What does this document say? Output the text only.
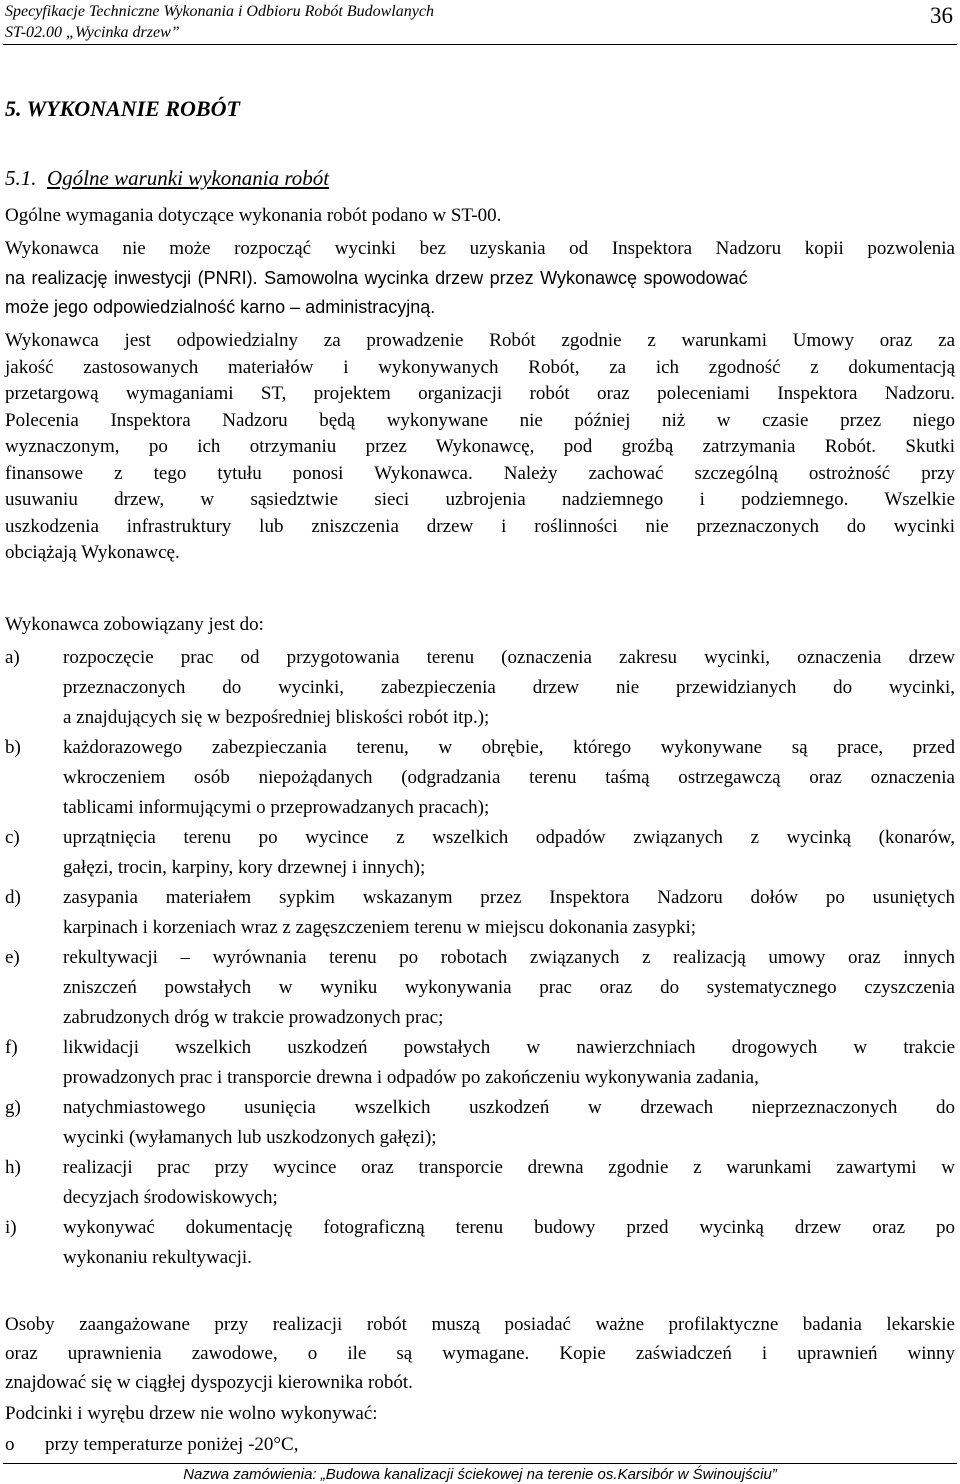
Specyfikacje Techniczne Wykonania i Odbioru Robót Budowlanych
ST-02.00 „Wycinka drzew”
36
5. WYKONANIE ROBÓT
5.1. Ogólne warunki wykonania robót
Ogólne wymagania dotyczące wykonania robót podano w ST-00.
Wykonawca nie może rozpocząć wycinki bez uzyskania od Inspektora Nadzoru kopii pozwolenia
na realizację inwestycji (PNRI). Samowolna wycinka drzew przez Wykonawcę spowodować
może jego odpowiedzialność karno – administracyjną.
Wykonawca jest odpowiedzialny za prowadzenie Robót zgodnie z warunkami Umowy oraz za
jakość zastosowanych materiałów i wykonywanych Robót, za ich zgodność z dokumentacją
przetargową wymaganiami ST, projektem organizacji robót oraz poleceniami Inspektora Nadzoru.
Polecenia Inspektora Nadzoru będą wykonywane nie później niż w czasie przez niego
wyznaczonym, po ich otrzymaniu przez Wykonawcę, pod groźbą zatrzymania Robót. Skutki
finansowe z tego tytułu ponosi Wykonawca. Należy zachować szczególną ostrożność przy
usuwaniu drzew, w sąsiedztwie sieci uzbrojenia nadziemnego i podziemnego. Wszelkie
uszkodzenia infrastruktury lub zniszczenia drzew i roślinności nie przeznaczonych do wycinki
obciążają Wykonawcę.
Wykonawca zobowiązany jest do:
a)	rozpoczęcie prac od przygotowania terenu (oznaczenia zakresu wycinki, oznaczenia drzew
przeznaczonych do wycinki, zabezpieczenia drzew nie przewidzianych do wycinki,
a znajdujących się w bezpośredniej bliskości robót itp.);
b)	każdorazowego zabezpieczania terenu, w obrębie, którego wykonywane są prace, przed
wkroczeniem osób niepożądanych (odgradzania terenu taśmą ostrzegawczą oraz oznaczenia
tablicami informującymi o przeprowadzanych pracach);
c)	uprzątnięcia terenu po wycince z wszelkich odpadów związanych z wycinką (konarów,
gałęzi, trocin, karpiny, kory drzewnej i innych);
d)	zasypania materiałem sypkim wskazanym przez Inspektora Nadzoru dołów po usuniętych
karpinach i korzeniach wraz z zagęszczeniem terenu w miejscu dokonania zasypki;
e)	rekultywacji – wyrównania terenu po robotach związanych z realizacją umowy oraz innych
zniszczeń powstałych w wyniku wykonywania prac oraz do systematycznego czyszczenia
zabrudzonych dróg w trakcie prowadzonych prac;
f)	likwidacji wszelkich uszkodzeń powstałych w nawierzchniach drogowych w trakcie
prowadzonych prac i transporcie drewna i odpadów po zakończeniu wykonywania zadania,
g)	natychmiastowego usunięcia wszelkich uszkodzeń w drzewach nieprzeznaczonych do
wycinki (wyłamanych lub uszkodzonych gałęzi);
h)	realizacji prac przy wycince oraz transporcie drewna zgodnie z warunkami zawartymi w
decyzjach środowiskowych;
i)	wykonywać dokumentację fotograficzną terenu budowy przed wycinką drzew oraz po
wykonaniu rekultywacji.
Osoby zaangażowane przy realizacji robót muszą posiadać ważne profilaktyczne badania lekarskie
oraz uprawnienia zawodowe, o ile są wymagane. Kopie zaświadczeń i uprawnień winny
znajdować się w ciągłej dyspozycji kierownika robót.
Podcinki i wyrębu drzew nie wolno wykonywać:
o	przy temperaturze poniżej -20°C,
Nazwa zamówienia: „Budowa kanalizacji ściekowej na terenie os.Karsibór w Świnoujściu”
